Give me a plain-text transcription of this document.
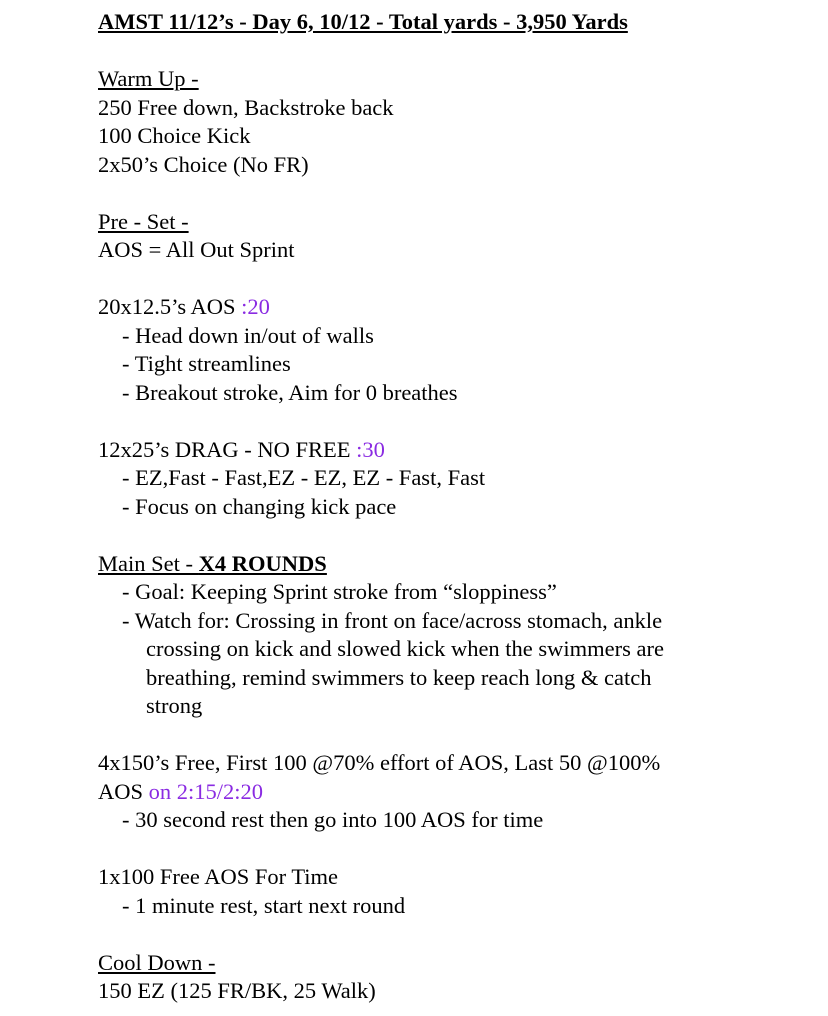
AMST 11/12’s - Day 6, 10/12 - Total yards - 3,950 Yards
Warm Up -
250 Free down, Backstroke back
100 Choice Kick
2x50’s Choice (No FR)
Pre - Set -
AOS = All Out Sprint
20x12.5’s AOS :20
- Head down in/out of walls
- Tight streamlines
- Breakout stroke, Aim for 0 breathes
12x25’s DRAG - NO FREE :30
- EZ,Fast - Fast,EZ - EZ, EZ - Fast, Fast
- Focus on changing kick pace
Main Set - X4 ROUNDS
- Goal: Keeping Sprint stroke from “sloppiness”
- Watch for: Crossing in front on face/across stomach, ankle
crossing on kick and slowed kick when the swimmers are
breathing, remind swimmers to keep reach long & catch
strong
4x150’s Free, First 100 @70% effort of AOS, Last 50 @100%
AOS on 2:15/2:20
- 30 second rest then go into 100 AOS for time
1x100 Free AOS For Time
- 1 minute rest, start next round
Cool Down -
150 EZ (125 FR/BK, 25 Walk)
